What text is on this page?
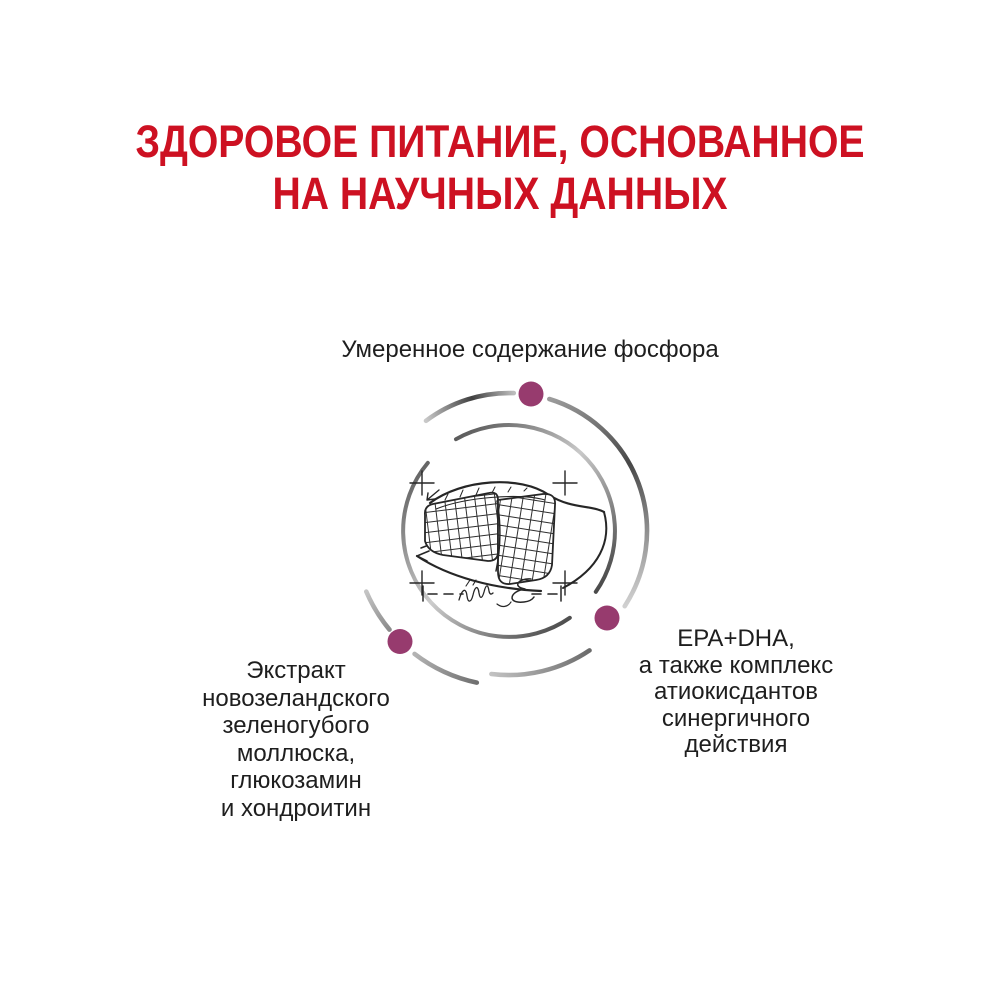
ЗДОРОВОЕ ПИТАНИЕ, ОСНОВАННОЕ
НА НАУЧНЫХ ДАННЫХ
Умеренное содержание фосфора
Экстракт
новозеландского
зеленогубого
моллюска,
глюкозамин
и хондроитин
EPA+DHA,
а также комплекс
атиокисдантов
синергичного
действия
